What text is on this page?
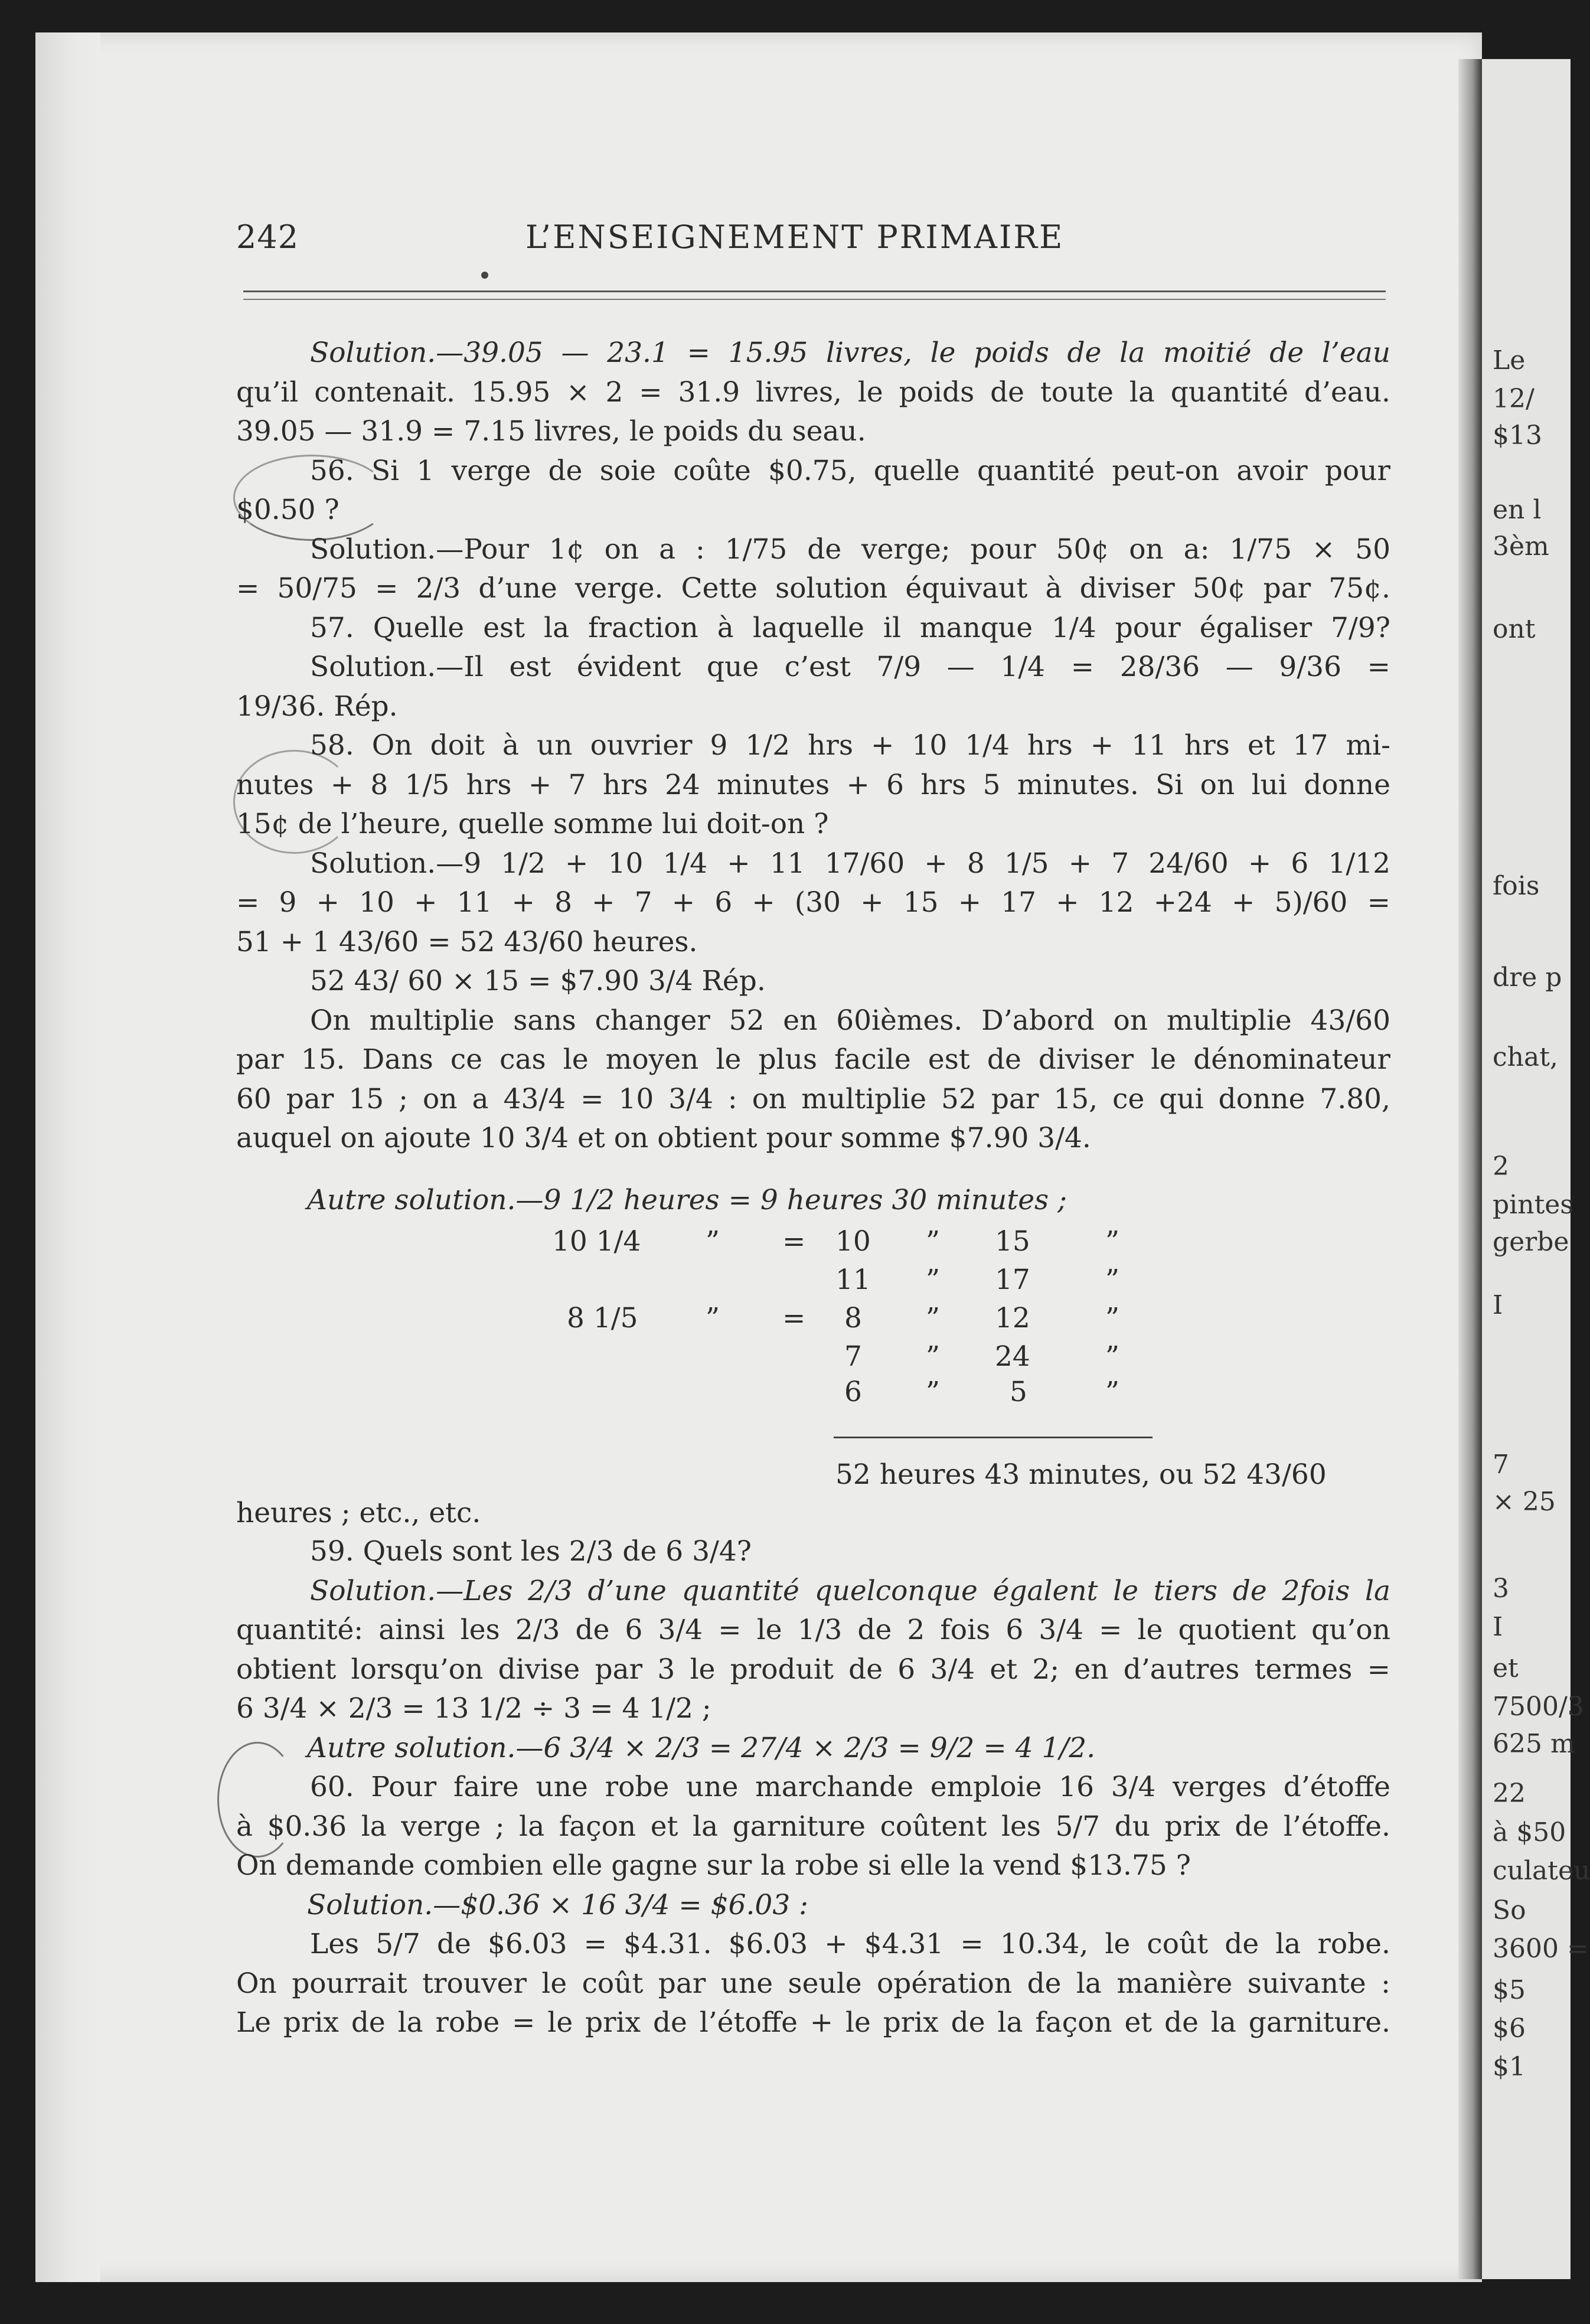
Le
12/
$13
en l
3èm
ont
fois
dre p
chat,
2
pintes
gerbe
I
7
× 25
3
I
et
7500/3
625 m
22
à $50
culateu
So
3600 =
$5
$6
$1
242	L’ENSEIGNEMENT PRIMAIRE
Solution.—39.05 — 23.1 = 15.95 livres, le poids de la moitié de l’eau
qu’il contenait. 15.95 × 2 = 31.9 livres, le poids de toute la quantité d’eau.
39.05 — 31.9 = 7.15 livres, le poids du seau.
56. Si 1 verge de soie coûte $0.75, quelle quantité peut-on avoir pour
$0.50 ?
Solution.—Pour 1¢ on a : 1/75 de verge; pour 50¢ on a: 1/75 × 50
= 50/75 = 2/3 d’une verge. Cette solution équivaut à diviser 50¢ par 75¢.
57. Quelle est la fraction à laquelle il manque 1/4 pour égaliser 7/9?
Solution.—Il est évident que c’est 7/9 — 1/4 = 28/36 — 9/36 =
19/36. Rép.
58. On doit à un ouvrier 9 1/2 hrs + 10 1/4 hrs + 11 hrs et 17 mi-
nutes + 8 1/5 hrs + 7 hrs 24 minutes + 6 hrs 5 minutes. Si on lui donne
15¢ de l’heure, quelle somme lui doit-on ?
Solution.—9 1/2 + 10 1/4 + 11 17/60 + 8 1/5 + 7 24/60 + 6 1/12
= 9 + 10 + 11 + 8 + 7 + 6 + (30 + 15 + 17 + 12 +24 + 5)/60 =
51 + 1 43/60 = 52 43/60 heures.
52 43/ 60 × 15 = $7.90 3/4 Rép.
On multiplie sans changer 52 en 60ièmes. D’abord on multiplie 43/60
par 15. Dans ce cas le moyen le plus facile est de diviser le dénominateur
60 par 15 ; on a 43/4 = 10 3/4 : on multiplie 52 par 15, ce qui donne 7.80,
auquel on ajoute 10 3/4 et on obtient pour somme $7.90 3/4.
Autre solution.—9 1/2 heures = 9 heures 30 minutes ;
10 1/4 ” = 10 ” 15	”
11 ” 17	”
8 1/5 ” = 8 ” 12	”
7 ” 24	”
6 ”	5	”
52 heures 43 minutes, ou 52 43/60
heures ; etc., etc.
59. Quels sont les 2/3 de 6 3/4?
Solution.—Les 2/3 d’une quantité quelconque égalent le tiers de 2fois la
quantité: ainsi les 2/3 de 6 3/4 = le 1/3 de 2 fois 6 3/4 = le quotient qu’on
obtient lorsqu’on divise par 3 le produit de 6 3/4 et 2; en d’autres termes =
6 3/4 × 2/3 = 13 1/2 ÷ 3 = 4 1/2 ;
Autre solution.—6 3/4 × 2/3 = 27/4 × 2/3 = 9/2 = 4 1/2.
60. Pour faire une robe une marchande emploie 16 3/4 verges d’étoffe
à $0.36 la verge ; la façon et la garniture coûtent les 5/7 du prix de l’étoffe.
On demande combien elle gagne sur la robe si elle la vend $13.75 ?
Solution.—$0.36 × 16 3/4 = $6.03 :
Les 5/7 de $6.03 = $4.31. $6.03 + $4.31 = 10.34, le coût de la robe.
On pourrait trouver le coût par une seule opération de la manière suivante :
Le prix de la robe = le prix de l’étoffe + le prix de la façon et de la garniture.
